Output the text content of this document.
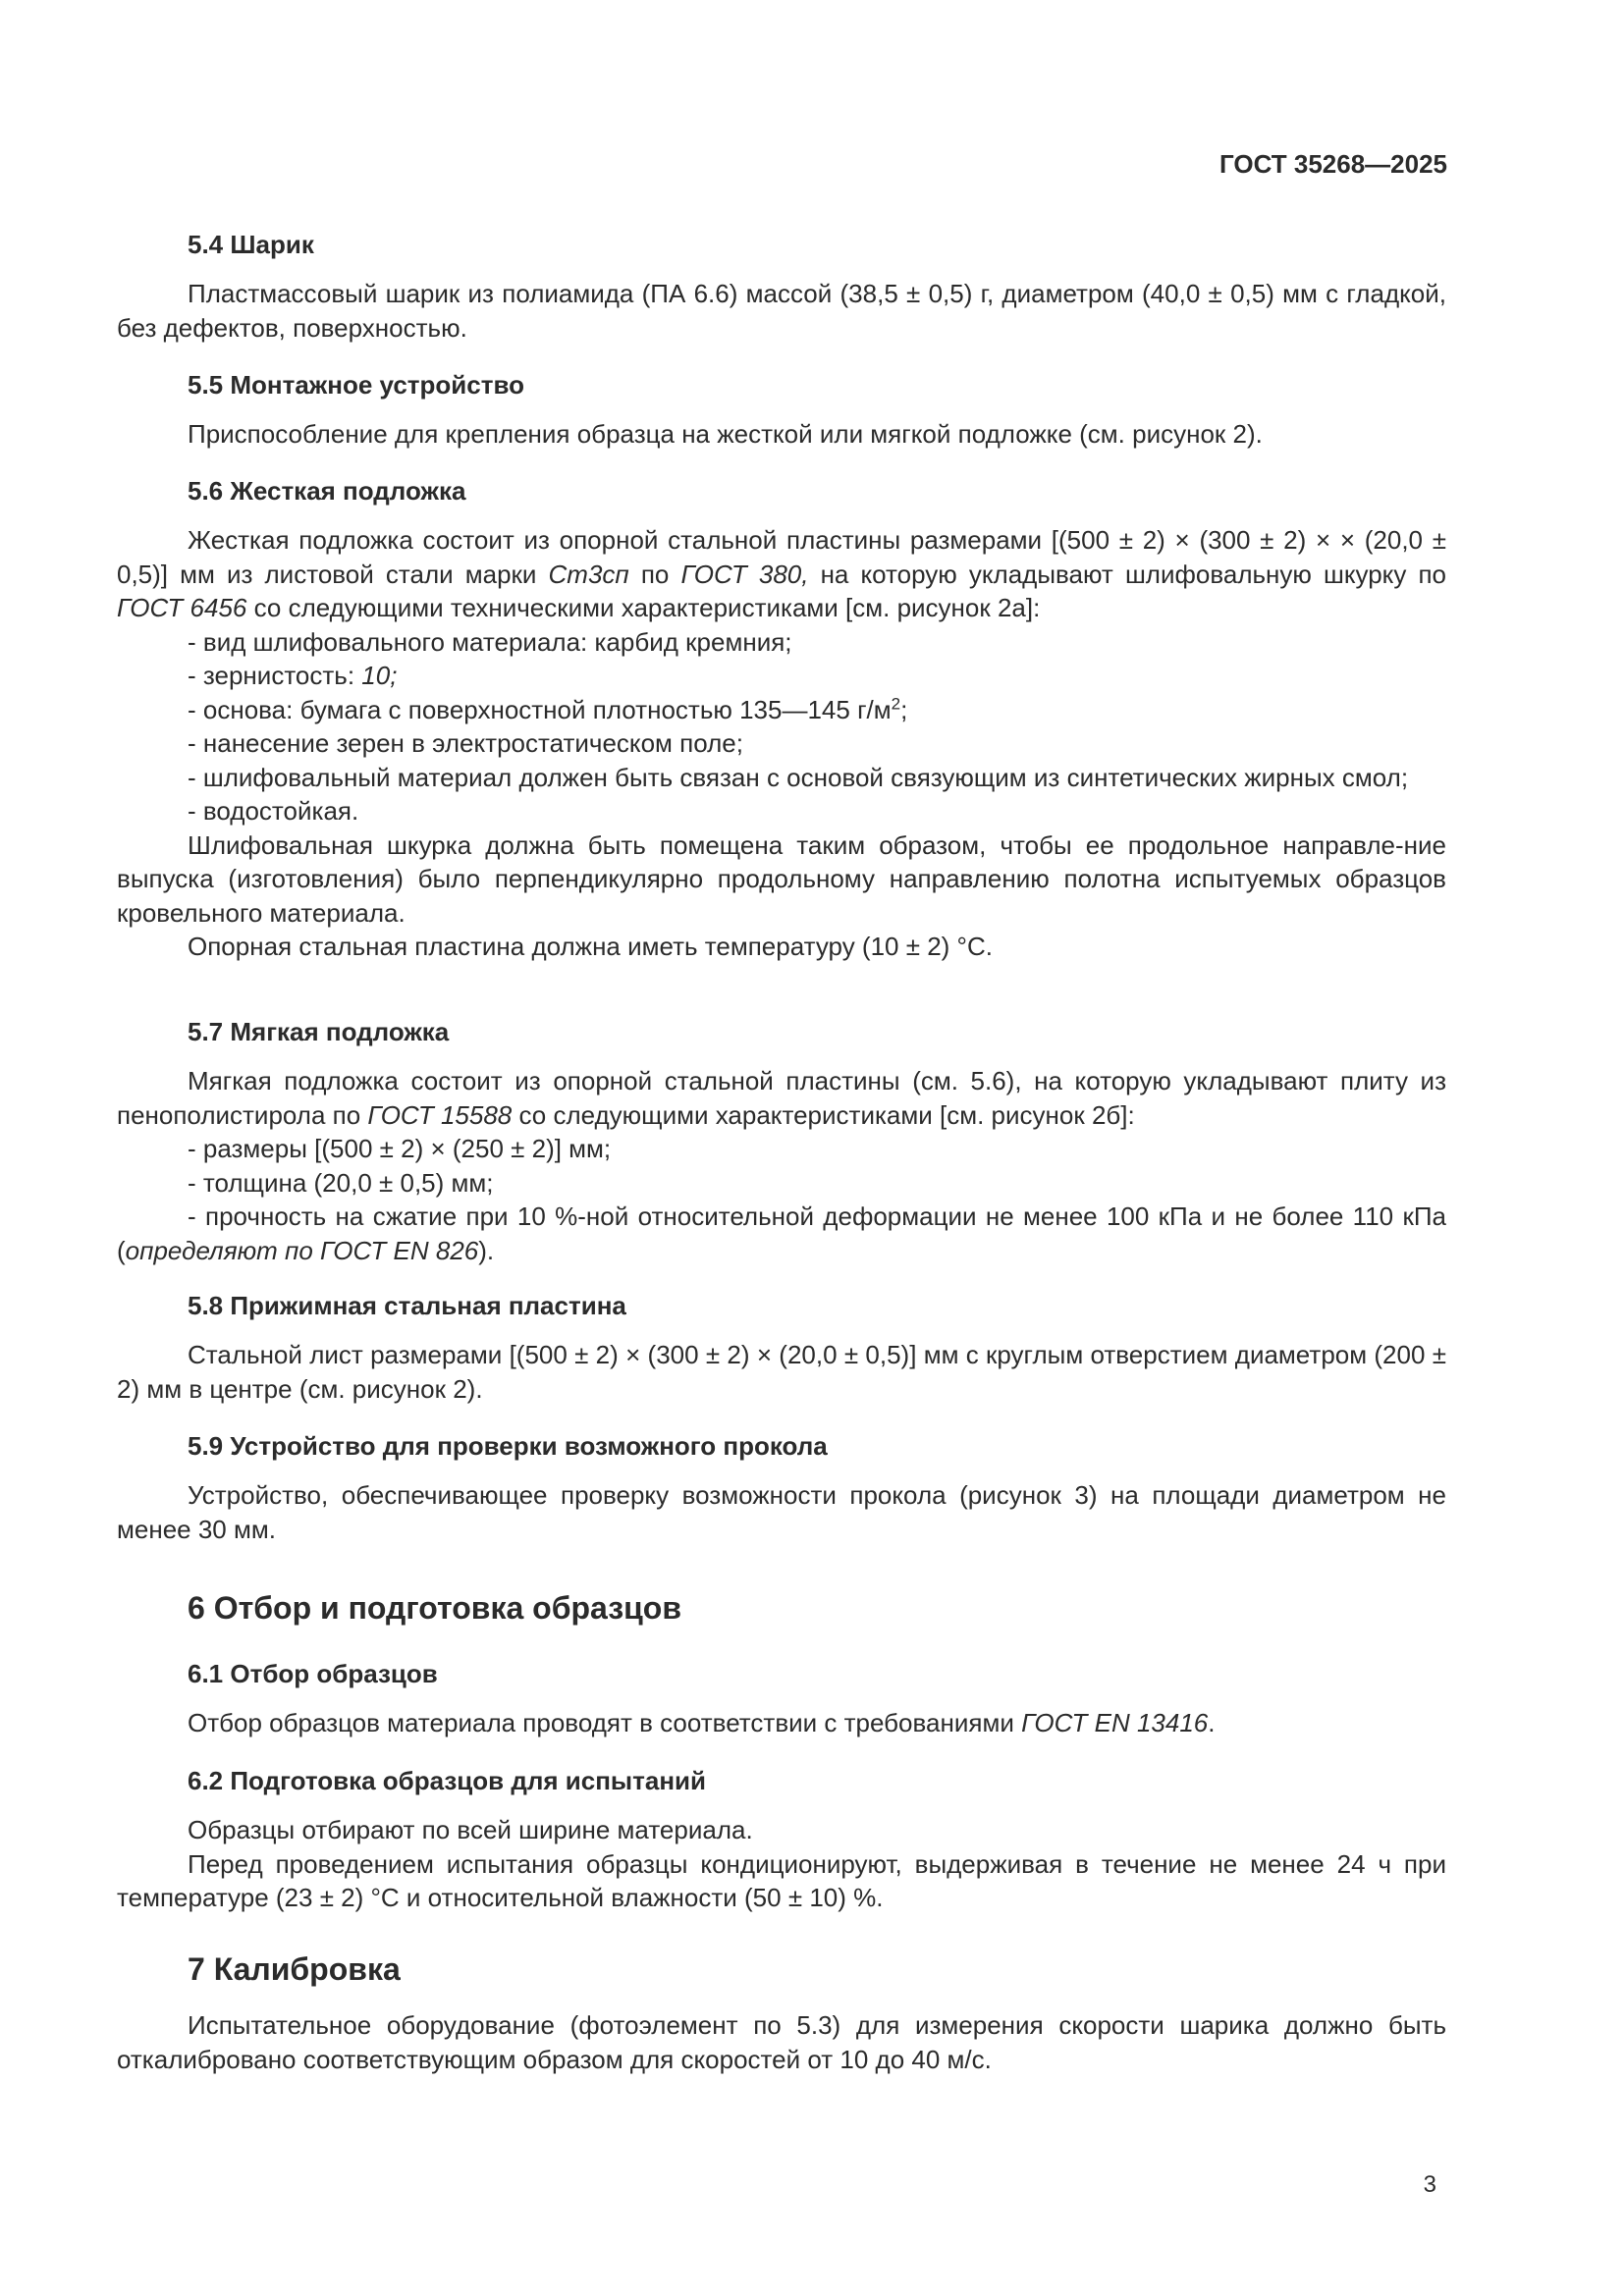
ГОСТ 35268—2025

5.4 Шарик

Пластмассовый шарик из полиамида (ПА 6.6) массой (38,5 ± 0,5) г, диаметром (40,0 ± 0,5) мм с гладкой, без дефектов, поверхностью.

5.5 Монтажное устройство

Приспособление для крепления образца на жесткой или мягкой подложке (см. рисунок 2).

5.6 Жесткая подложка

Жесткая подложка состоит из опорной стальной пластины размерами [(500 ± 2) × (300 ± 2) × × (20,0 ± 0,5)] мм из листовой стали марки Ст3сп по ГОСТ 380, на которую укладывают шлифовальную шкурку по ГОСТ 6456 со следующими техническими характеристиками [см. рисунок 2а]:

- вид шлифовального материала: карбид кремния;

- зернистость: 10;

- основа: бумага с поверхностной плотностью 135—145 $г/м^2$;

- нанесение зерен в электростатическом поле;

- шлифовальный материал должен быть связан с основой связующим из синтетических жирных смол;

- водостойкая.

Шлифовальная шкурка должна быть помещена таким образом, чтобы ее продольное направле-ние выпуска (изготовления) было перпендикулярно продольному направлению полотна испытуемых образцов кровельного материала.

Опорная стальная пластина должна иметь температуру (10 ± 2) °С.

5.7 Мягкая подложка

Мягкая подложка состоит из опорной стальной пластины (см. 5.6), на которую укладывают плиту из пенополистирола по ГОСТ 15588 со следующими характеристиками [см. рисунок 2б]:

- размеры [(500 ± 2) × (250 ± 2)] мм;

- толщина (20,0 ± 0,5) мм;

- прочность на сжатие при 10 %-ной относительной деформации не менее 100 кПа и не более 110 кПа (определяют по ГОСТ EN 826).

5.8 Прижимная стальная пластина

Стальной лист размерами [(500 ± 2) × (300 ± 2) × (20,0 ± 0,5)] мм с круглым отверстием диаметром (200 ± 2) мм в центре (см. рисунок 2).

5.9 Устройство для проверки возможного прокола

Устройство, обеспечивающее проверку возможности прокола (рисунок 3) на площади диаметром не менее 30 мм.

6 Отбор и подготовка образцов

6.1 Отбор образцов

Отбор образцов материала проводят в соответствии с требованиями ГОСТ EN 13416.

6.2 Подготовка образцов для испытаний

Образцы отбирают по всей ширине материала.

Перед проведением испытания образцы кондиционируют, выдерживая в течение не менее 24 ч при температуре (23 ± 2) °С и относительной влажности (50 ± 10) %.

7 Калибровка

Испытательное оборудование (фотоэлемент по 5.3) для измерения скорости шарика должно быть откалибровано соответствующим образом для скоростей от 10 до 40 м/с.

3
